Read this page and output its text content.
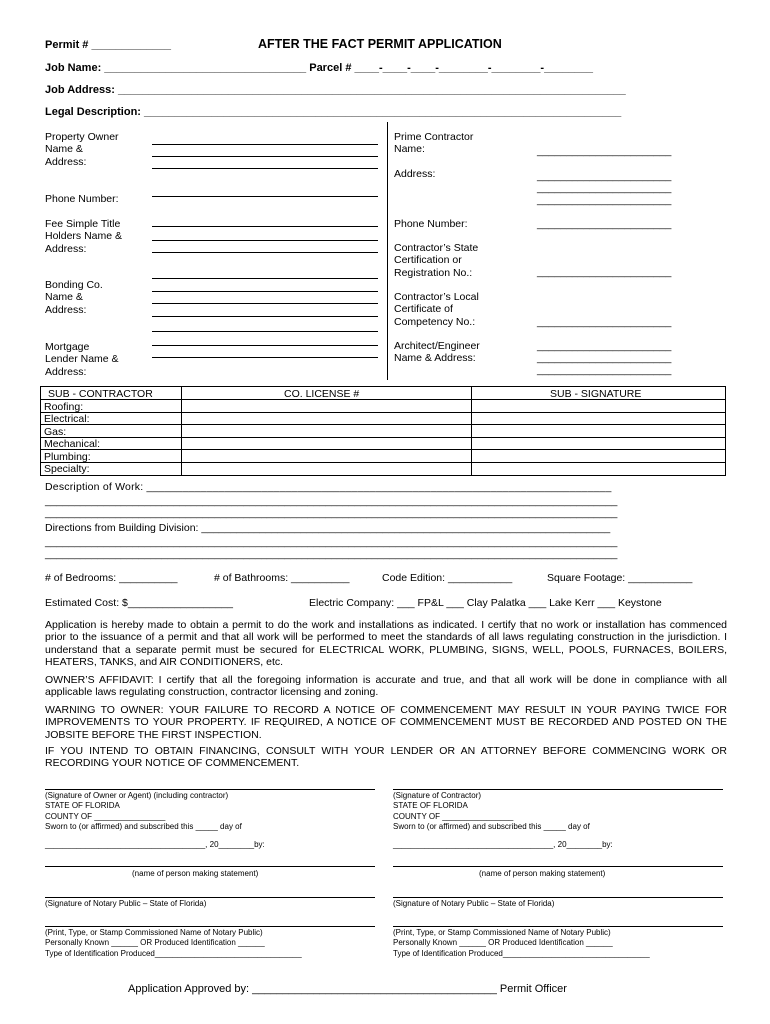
Permit # _____________	AFTER THE FACT PERMIT APPLICATION
Job Name: _________________________________ Parcel # ____-____-____-________-________-________
Job Address: ___________________________________________________________________________________
Legal Description: ______________________________________________________________________________
Property Owner
Name &
Address:
Phone Number:
Fee Simple Title
Holders Name &
Address:
Bonding Co.
Name &
Address:
Mortgage
Lender Name &
Address:
Prime Contractor
Name:	_______________________
Address:	_______________________
_______________________
_______________________
Phone Number:	_______________________
Contractor’s State
Certification or
Registration No.:	_______________________
Contractor’s Local
Certificate of
Competency No.:	_______________________
Architect/Engineer
Name & Address:
_______________________
_______________________
_______________________
SUB - CONTRACTOR	CO. LICENSE #	SUB - SIGNATURE
Roofing:
Electrical:
Gas:
Mechanical:
Plumbing:
Specialty:
Description of Work: _____________________________________________________________________________
__________________________________________________________________________________________________
__________________________________________________________________________________________________
Directions from Building Division: ______________________________________________________________________
__________________________________________________________________________________________________
__________________________________________________________________________________________________
# of Bedrooms: __________	# of Bathrooms: __________	Code Edition: ___________	Square Footage: ___________
Estimated Cost: $__________________	Electric Company: ___ FP&L ___ Clay Palatka ___ Lake Kerr ___ Keystone
Application is hereby made to obtain a permit to do the work and installations as indicated. I certify that no work or installation has commenced prior to the issuance of a permit and that all work will be performed to meet the standards of all laws regulating construction in the jurisdiction. I understand that a separate permit must be secured for ELECTRICAL WORK, PLUMBING, SIGNS, WELL, POOLS, FURNACES, BOILERS, HEATERS, TANKS, and AIR CONDITIONERS, etc.
OWNER’S AFFIDAVIT: I certify that all the foregoing information is accurate and true, and that all work will be done in compliance with all applicable laws regulating construction, contractor licensing and zoning.
WARNING TO OWNER: YOUR FAILURE TO RECORD A NOTICE OF COMMENCEMENT MAY RESULT IN YOUR PAYING TWICE FOR IMPROVEMENTS TO YOUR PROPERTY. IF REQUIRED, A NOTICE OF COMMENCEMENT MUST BE RECORDED AND POSTED ON THE JOBSITE BEFORE THE FIRST INSPECTION.
IF YOU INTEND TO OBTAIN FINANCING, CONSULT WITH YOUR LENDER OR AN ATTORNEY BEFORE COMMENCING WORK OR RECORDING YOUR NOTICE OF COMMENCEMENT.
(Signature of Owner or Agent) (including contractor)
STATE OF FLORIDA
COUNTY OF ________________
Sworn to (or affirmed) and subscribed this _____ day of
____________________________________, 20________by:
(name of person making statement)
(Signature of Notary Public – State of Florida)
(Print, Type, or Stamp Commissioned Name of Notary Public)
Personally Known ______ OR Produced Identification ______
Type of Identification Produced_________________________________
(Signature of Contractor)
STATE OF FLORIDA
COUNTY OF ________________
Sworn to (or affirmed) and subscribed this _____ day of
____________________________________, 20________by:
(name of person making statement)
(Signature of Notary Public – State of Florida)
(Print, Type, or Stamp Commissioned Name of Notary Public)
Personally Known ______ OR Produced Identification ______
Type of Identification Produced_________________________________
Application Approved by: ________________________________________ Permit Officer
